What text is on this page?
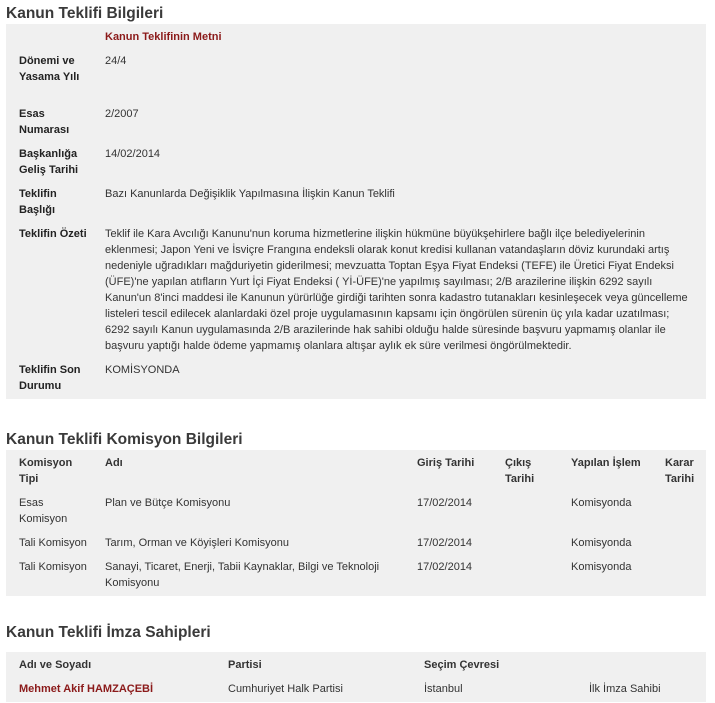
Kanun Teklifi Bilgileri
	Kanun Teklifinin Metni
Dönemi ve Yasama Yılı	24/4
Esas Numarası	2/2007
Başkanlığa Geliş Tarihi	14/02/2014
Teklifin Başlığı	Bazı Kanunlarda Değişiklik Yapılmasına İlişkin Kanun Teklifi
Teklifin Özeti	Teklif ile Kara Avcılığı Kanunu'nun koruma hizmetlerine ilişkin hükmüne büyükşehirlere bağlı ilçe belediyelerinin eklenmesi; Japon Yeni ve İsviçre Frangına endeksli olarak konut kredisi kullanan vatandaşların döviz kurundaki artış nedeniyle uğradıkları mağduriyetin giderilmesi; mevzuatta Toptan Eşya Fiyat Endeksi (TEFE) ile Üretici Fiyat Endeksi (ÜFE)'ne yapılan atıfların Yurt İçi Fiyat Endeksi ( Yİ-ÜFE)'ne yapılmış sayılması; 2/B arazilerine ilişkin 6292 sayılı Kanun'un 8'inci maddesi ile Kanunun yürürlüğe girdiği tarihten sonra kadastro tutanakları kesinleşecek veya güncelleme listeleri tescil edilecek alanlardaki özel proje uygulamasının kapsamı için öngörülen sürenin üç yıla kadar uzatılması; 6292 sayılı Kanun uygulamasında 2/B arazilerinde hak sahibi olduğu halde süresinde başvuru yapmamış olanlar ile başvuru yaptığı halde ödeme yapmamış olanlara altışar aylık ek süre verilmesi öngörülmektedir.
Teklifin Son Durumu	KOMİSYONDA
Kanun Teklifi Komisyon Bilgileri
Komisyon Tipi	Adı	Giriş Tarihi	Çıkış Tarihi	Yapılan İşlem	Karar Tarihi
Esas Komisyon	Plan ve Bütçe Komisyonu	17/02/2014		Komisyonda	
Tali Komisyon	Tarım, Orman ve Köyişleri Komisyonu	17/02/2014		Komisyonda	
Tali Komisyon	Sanayi, Ticaret, Enerji, Tabii Kaynaklar, Bilgi ve Teknoloji Komisyonu	17/02/2014		Komisyonda	
Kanun Teklifi İmza Sahipleri
Adı ve Soyadı	Partisi	Seçim Çevresi	
Mehmet Akif HAMZAÇEBİ	Cumhuriyet Halk Partisi	İstanbul	İlk İmza Sahibi
